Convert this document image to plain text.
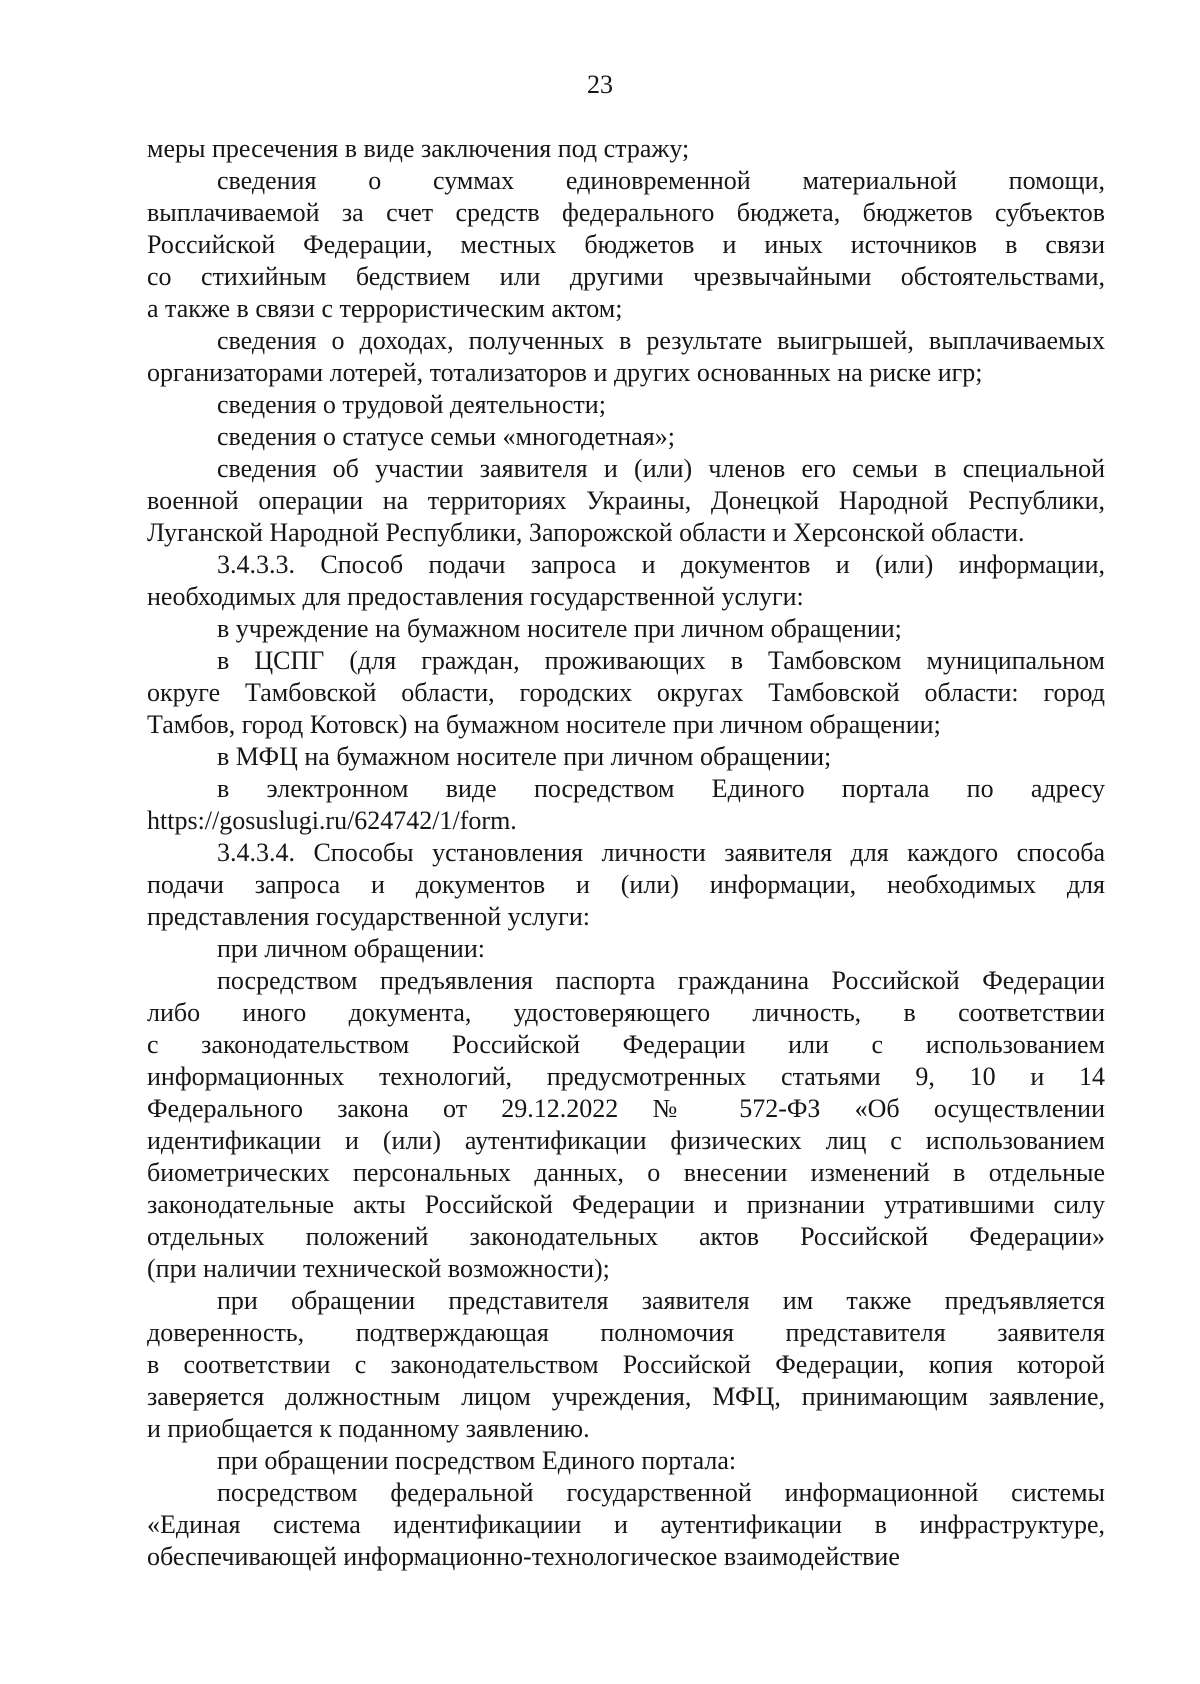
23
меры пресечения в виде заключения под стражу;
сведения о суммах единовременной материальной помощи,
выплачиваемой за счет средств федерального бюджета, бюджетов субъектов
Российской Федерации, местных бюджетов и иных источников в связи
со стихийным бедствием или другими чрезвычайными обстоятельствами,
а также в связи с террористическим актом;
сведения о доходах, полученных в результате выигрышей, выплачиваемых
организаторами лотерей, тотализаторов и других основанных на риске игр;
сведения о трудовой деятельности;
сведения о статусе семьи «многодетная»;
сведения об участии заявителя и (или) членов его семьи в специальной
военной операции на территориях Украины, Донецкой Народной Республики,
Луганской Народной Республики, Запорожской области и Херсонской области.
3.4.3.3. Способ подачи запроса и документов и (или) информации,
необходимых для предоставления государственной услуги:
в учреждение на бумажном носителе при личном обращении;
в ЦСПГ (для граждан, проживающих в Тамбовском муниципальном
округе Тамбовской области, городских округах Тамбовской области: город
Тамбов, город Котовск) на бумажном носителе при личном обращении;
в МФЦ на бумажном носителе при личном обращении;
в электронном виде посредством Единого портала по адресу
https://gosuslugi.ru/624742/1/form.
3.4.3.4. Способы установления личности заявителя для каждого способа
подачи запроса и документов и (или) информации, необходимых для
представления государственной услуги:
при личном обращении:
посредством предъявления паспорта гражданина Российской Федерации
либо иного документа, удостоверяющего личность, в соответствии
с законодательством Российской Федерации или с использованием
информационных технологий, предусмотренных статьями 9, 10 и 14
Федерального закона от 29.12.2022 № 572-ФЗ «Об осуществлении
идентификации и (или) аутентификации физических лиц с использованием
биометрических персональных данных, о внесении изменений в отдельные
законодательные акты Российской Федерации и признании утратившими силу
отдельных положений законодательных актов Российской Федерации»
(при наличии технической возможности);
при обращении представителя заявителя им также предъявляется
доверенность, подтверждающая полномочия представителя заявителя
в соответствии с законодательством Российской Федерации, копия которой
заверяется должностным лицом учреждения, МФЦ, принимающим заявление,
и приобщается к поданному заявлению.
при обращении посредством Единого портала:
посредством федеральной государственной информационной системы
«Единая система идентификациии и аутентификации в инфраструктуре,
обеспечивающей информационно-технологическое взаимодействие
